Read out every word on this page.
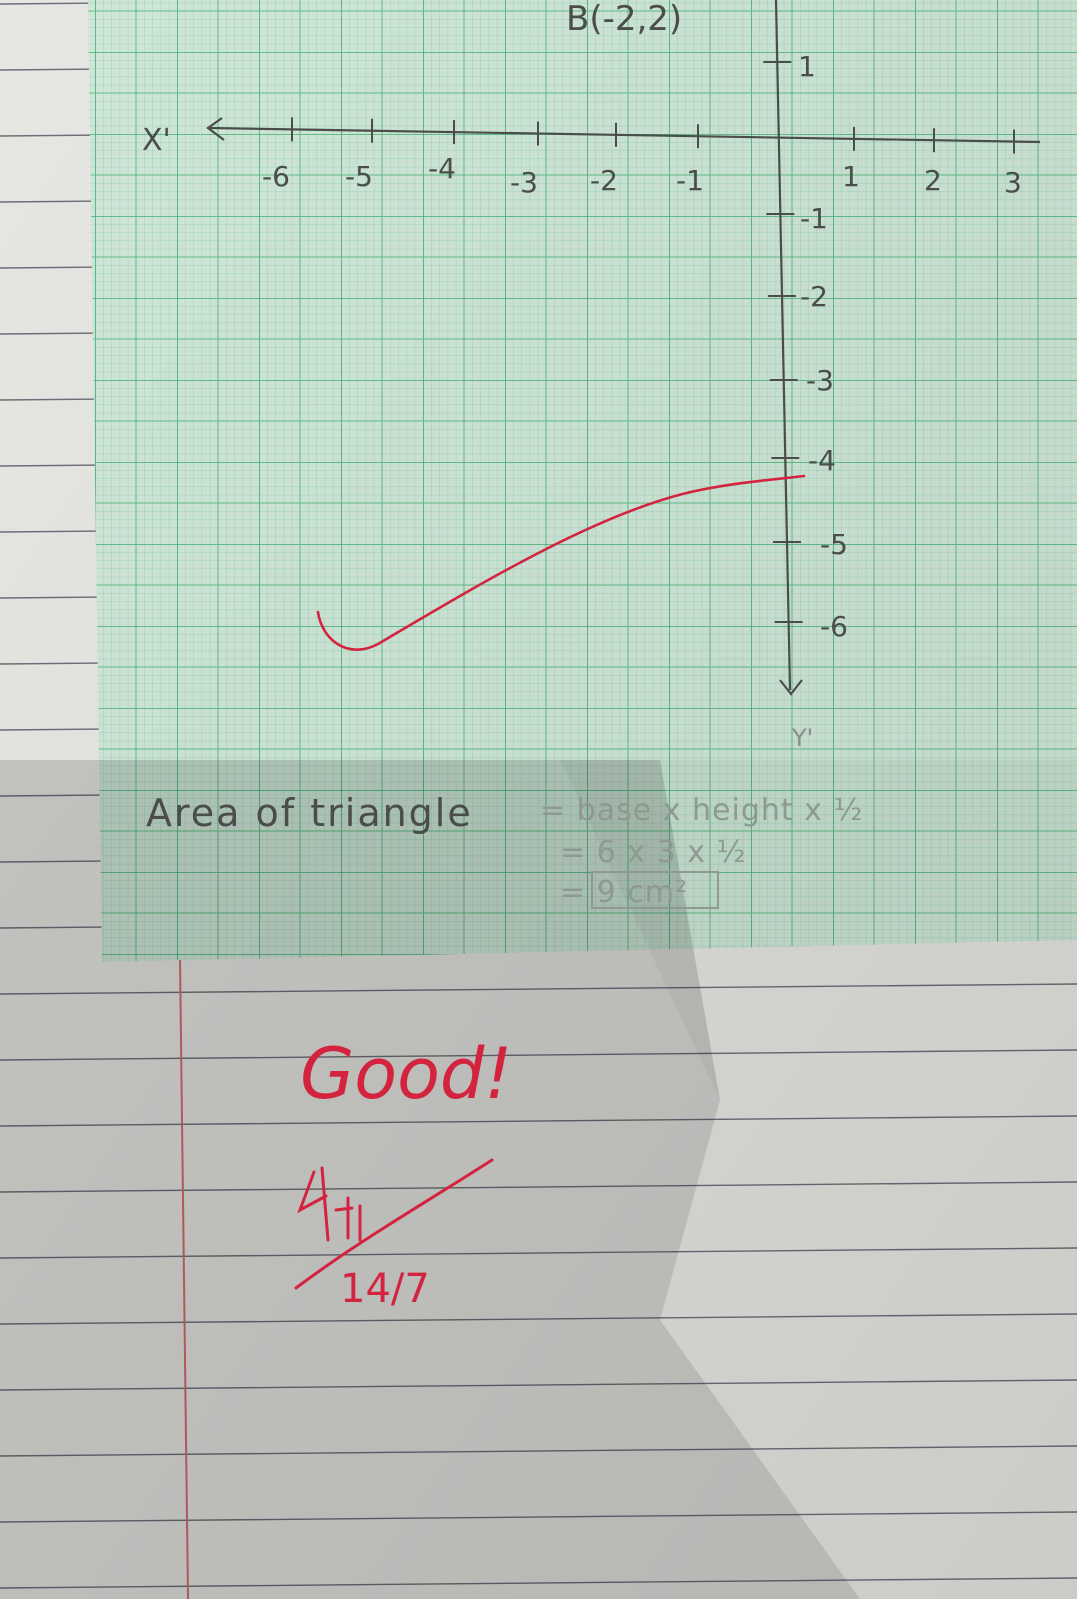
B(-2,2)
X'
Y'
-6 -5 -4 -3 -2 -1	1 2 3
1
-1
-2
-3
-4
-5
-6
Area of triangle = base x height x ½
= 6 x 3 x ½
= 9 cm²
Good!
14/7
